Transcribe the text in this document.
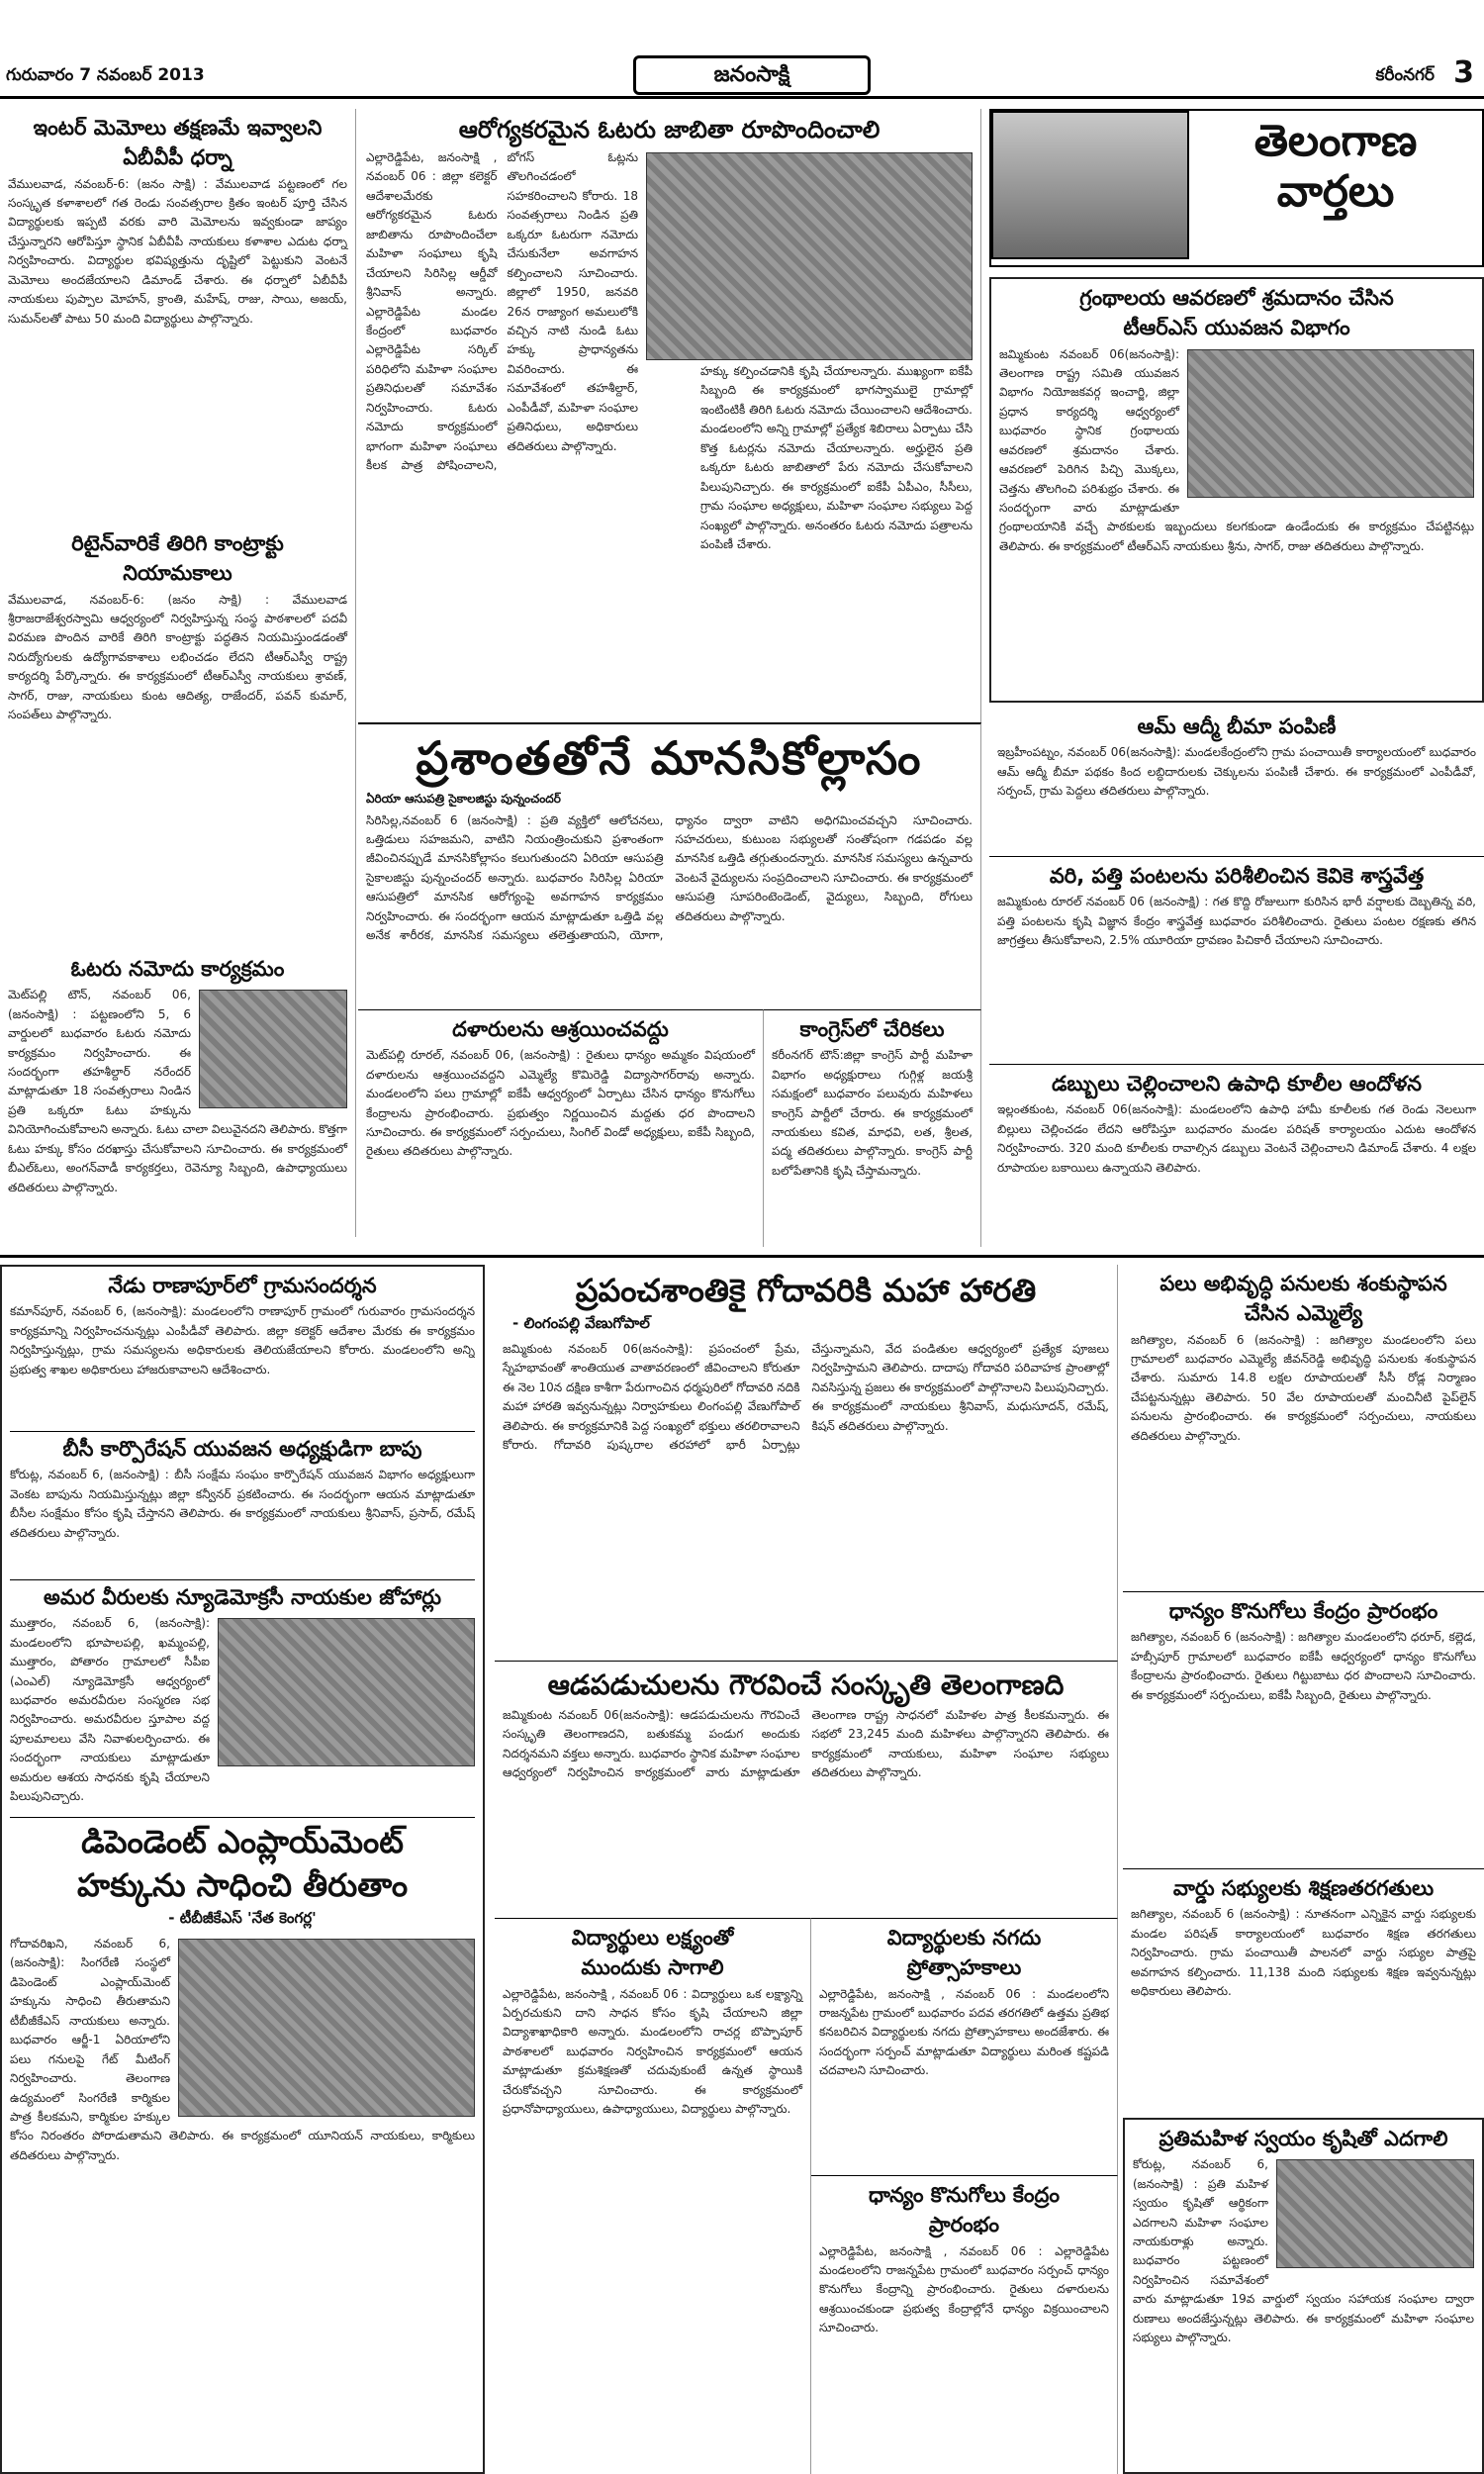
గురువారం 7 నవంబర్ 2013	జనంసాక్షి	కరీంనగర్ 3
ఇంటర్ మెమోలు తక్షణమే ఇవ్వాలని
ఏబీవీపీ ధర్నా
వేములవాడ, నవంబర్-6: (జనం సాక్షి) : వేములవాడ పట్టణంలో గల సంస్కృత కళాశాలలో గత రెండు సంవత్సరాల క్రితం ఇంటర్ పూర్తి చేసిన విద్యార్థులకు ఇప్పటి వరకు వారి మెమోలను ఇవ్వకుండా జాప్యం చేస్తున్నారని ఆరోపిస్తూ స్థానిక ఏబీవీపీ నాయకులు కళాశాల ఎదుట ధర్నా నిర్వహించారు. విద్యార్థుల భవిష్యత్తును దృష్టిలో పెట్టుకుని వెంటనే మెమోలు అందజేయాలని డిమాండ్ చేశారు. ఈ ధర్నాలో ఏబీవీపీ నాయకులు పుప్పాల మోహన్, క్రాంతి, మహేష్, రాజు, సాయి, అజయ్, సుమన్‌లతో పాటు 50 మంది విద్యార్థులు పాల్గొన్నారు.
రిటైన్‌వారికే తిరిగి కాంట్రాక్టు
నియామకాలు
వేములవాడ, నవంబర్-6: (జనం సాక్షి) : వేములవాడ శ్రీరాజరాజేశ్వరస్వామి ఆధ్వర్యంలో నిర్వహిస్తున్న సంస్థ పాఠశాలలో పదవీ విరమణ పొందిన వారికే తిరిగి కాంట్రాక్టు పద్ధతిన నియమిస్తుండడంతో నిరుద్యోగులకు ఉద్యోగావకాశాలు లభించడం లేదని టీఆర్‌ఎస్వీ రాష్ట్ర కార్యదర్శి పేర్కొన్నారు. ఈ కార్యక్రమంలో టీఆర్‌ఎస్వీ నాయకులు శ్రావణ్, సాగర్, రాజు, నాయకులు కుంట ఆదిత్య, రాజేందర్, పవన్ కుమార్, సంపత్‌లు పాల్గొన్నారు.
ఓటరు నమోదు కార్యక్రమం
మెట్‌పల్లి టౌన్, నవంబర్ 06, (జనంసాక్షి) : పట్టణంలోని 5, 6 వార్డులలో బుధవారం ఓటరు నమోదు కార్యక్రమం నిర్వహించారు. ఈ సందర్భంగా తహశీల్దార్ నరేందర్ మాట్లాడుతూ 18 సంవత్సరాలు నిండిన ప్రతి ఒక్కరూ ఓటు హక్కును వినియోగించుకోవాలని అన్నారు. ఓటు చాలా విలువైనదని తెలిపారు. కొత్తగా ఓటు హక్కు కోసం దరఖాస్తు చేసుకోవాలని సూచించారు. ఈ కార్యక్రమంలో బీఎల్‌ఓలు, అంగన్‌వాడీ కార్యకర్తలు, రెవెన్యూ సిబ్బంది, ఉపాధ్యాయులు తదితరులు పాల్గొన్నారు.
ఆరోగ్యకరమైన ఓటరు జాబితా రూపొందించాలి
ఎల్లారెడ్డిపేట, జనంసాక్షి , నవంబర్ 06 : జిల్లా కలెక్టర్ ఆదేశాలమేరకు ఆరోగ్యకరమైన ఓటరు జాబితాను రూపొందించేలా మహిళా సంఘాలు కృషి చేయాలని సిరిసిల్ల ఆర్డీవో శ్రీనివాస్ అన్నారు. ఎల్లారెడ్డిపేట మండల కేంద్రంలో బుధవారం ఎల్లారెడ్డిపేట సర్కిల్ పరిధిలోని మహిళా సంఘాల ప్రతినిధులతో సమావేశం నిర్వహించారు. ఓటరు నమోదు కార్యక్రమంలో భాగంగా మహిళా సంఘాలు కీలక పాత్ర పోషించాలని, బోగస్ ఓట్లను తొలగించడంలో సహకరించాలని కోరారు. 18 సంవత్సరాలు నిండిన ప్రతి ఒక్కరూ ఓటరుగా నమోదు చేసుకునేలా అవగాహన కల్పించాలని సూచించారు. జిల్లాలో 1950, జనవరి 26న రాజ్యాంగ అమలులోకి వచ్చిన నాటి నుండి ఓటు హక్కు ప్రాధాన్యతను వివరించారు. ఈ సమావేశంలో తహశీల్దార్, ఎంపీడీవో, మహిళా సంఘాల ప్రతినిధులు, అధికారులు తదితరులు పాల్గొన్నారు.
హక్కు కల్పించడానికి కృషి చేయాలన్నారు. ముఖ్యంగా ఐకేపీ సిబ్బంది ఈ కార్యక్రమంలో భాగస్వాములై గ్రామాల్లో ఇంటింటికీ తిరిగి ఓటరు నమోదు చేయించాలని ఆదేశించారు. మండలంలోని అన్ని గ్రామాల్లో ప్రత్యేక శిబిరాలు ఏర్పాటు చేసి కొత్త ఓటర్లను నమోదు చేయాలన్నారు. అర్హులైన ప్రతి ఒక్కరూ ఓటరు జాబితాలో పేరు నమోదు చేసుకోవాలని పిలుపునిచ్చారు. ఈ కార్యక్రమంలో ఐకేపీ ఏపీఎం, సీసీలు, గ్రామ సంఘాల అధ్యక్షులు, మహిళా సంఘాల సభ్యులు పెద్ద సంఖ్యలో పాల్గొన్నారు. అనంతరం ఓటరు నమోదు పత్రాలను పంపిణీ చేశారు.
ప్రశాంతతోనే మానసికోల్లాసం
ఏరియా ఆసుపత్రి సైకాలజిస్టు పున్నంచందర్
సిరిసిల్ల,నవంబర్ 6 (జనంసాక్షి) : ప్రతి వ్యక్తిలో ఆలోచనలు, ఒత్తిడులు సహజమని, వాటిని నియంత్రించుకుని ప్రశాంతంగా జీవించినప్పుడే మానసికోల్లాసం కలుగుతుందని ఏరియా ఆసుపత్రి సైకాలజిస్టు పున్నంచందర్ అన్నారు. బుధవారం సిరిసిల్ల ఏరియా ఆసుపత్రిలో మానసిక ఆరోగ్యంపై అవగాహన కార్యక్రమం నిర్వహించారు. ఈ సందర్భంగా ఆయన మాట్లాడుతూ ఒత్తిడి వల్ల అనేక శారీరక, మానసిక సమస్యలు తలెత్తుతాయని, యోగా, ధ్యానం ద్వారా వాటిని అధిగమించవచ్చని సూచించారు. సహచరులు, కుటుంబ సభ్యులతో సంతోషంగా గడపడం వల్ల మానసిక ఒత్తిడి తగ్గుతుందన్నారు. మానసిక సమస్యలు ఉన్నవారు వెంటనే వైద్యులను సంప్రదించాలని సూచించారు. ఈ కార్యక్రమంలో ఆసుపత్రి సూపరింటెండెంట్, వైద్యులు, సిబ్బంది, రోగులు తదితరులు పాల్గొన్నారు.
దళారులను ఆశ్రయించవద్దు
మెట్‌పల్లి రూరల్, నవంబర్ 06, (జనంసాక్షి) : రైతులు ధాన్యం అమ్మకం విషయంలో దళారులను ఆశ్రయించవద్దని ఎమ్మెల్యే కొమిరెడ్డి విద్యాసాగర్‌రావు అన్నారు. మండలంలోని పలు గ్రామాల్లో ఐకేపీ ఆధ్వర్యంలో ఏర్పాటు చేసిన ధాన్యం కొనుగోలు కేంద్రాలను ప్రారంభించారు. ప్రభుత్వం నిర్ణయించిన మద్దతు ధర పొందాలని సూచించారు. ఈ కార్యక్రమంలో సర్పంచులు, సింగిల్ విండో అధ్యక్షులు, ఐకేపీ సిబ్బంది, రైతులు తదితరులు పాల్గొన్నారు.
కాంగ్రెస్‌లో చేరికలు
కరీంనగర్ టౌన్:జిల్లా కాంగ్రెస్ పార్టీ మహిళా విభాగం అధ్యక్షురాలు గుగ్గిళ్ల జయశ్రీ సమక్షంలో బుధవారం పలువురు మహిళలు కాంగ్రెస్ పార్టీలో చేరారు. ఈ కార్యక్రమంలో నాయకులు కవిత, మాధవి, లత, శ్రీలత, పద్మ తదితరులు పాల్గొన్నారు. కాంగ్రెస్ పార్టీ బలోపేతానికి కృషి చేస్తామన్నారు.
తెలంగాణ
వార్తలు
గ్రంథాలయ ఆవరణలో శ్రమదానం చేసిన
టీఆర్‌ఎస్ యువజన విభాగం
జమ్మికుంట నవంబర్ 06(జనంసాక్షి): తెలంగాణ రాష్ట్ర సమితి యువజన విభాగం నియోజకవర్గ ఇంచార్జి, జిల్లా ప్రధాన కార్యదర్శి ఆధ్వర్యంలో బుధవారం స్థానిక గ్రంథాలయ ఆవరణలో శ్రమదానం చేశారు. ఆవరణలో పెరిగిన పిచ్చి మొక్కలు, చెత్తను తొలగించి పరిశుభ్రం చేశారు. ఈ సందర్భంగా వారు మాట్లాడుతూ గ్రంథాలయానికి వచ్చే పాఠకులకు ఇబ్బందులు కలగకుండా ఉండేందుకు ఈ కార్యక్రమం చేపట్టినట్లు తెలిపారు. ఈ కార్యక్రమంలో టీఆర్‌ఎస్ నాయకులు శ్రీను, సాగర్, రాజు తదితరులు పాల్గొన్నారు.
ఆమ్ ఆద్మీ బీమా పంపిణీ
ఇబ్రహీంపట్నం, నవంబర్ 06(జనంసాక్షి): మండలకేంద్రంలోని గ్రామ పంచాయితీ కార్యాలయంలో బుధవారం ఆమ్ ఆద్మీ బీమా పథకం కింద లబ్ధిదారులకు చెక్కులను పంపిణీ చేశారు. ఈ కార్యక్రమంలో ఎంపీడీవో, సర్పంచ్, గ్రామ పెద్దలు తదితరులు పాల్గొన్నారు.
వరి, పత్తి పంటలను పరిశీలించిన కెవికె శాస్త్రవేత్త
జమ్మికుంట రూరల్ నవంబర్ 06 (జనంసాక్షి) : గత కొద్ది రోజులుగా కురిసిన భారీ వర్షాలకు దెబ్బతిన్న వరి, పత్తి పంటలను కృషి విజ్ఞాన కేంద్రం శాస్త్రవేత్త బుధవారం పరిశీలించారు. రైతులు పంటల రక్షణకు తగిన జాగ్రత్తలు తీసుకోవాలని, 2.5% యూరియా ద్రావణం పిచికారీ చేయాలని సూచించారు.
డబ్బులు చెల్లించాలని ఉపాధి కూలీల ఆందోళన
ఇల్లంతకుంట, నవంబర్ 06(జనంసాక్షి): మండలంలోని ఉపాధి హామీ కూలీలకు గత రెండు నెలలుగా బిల్లులు చెల్లించడం లేదని ఆరోపిస్తూ బుధవారం మండల పరిషత్ కార్యాలయం ఎదుట ఆందోళన నిర్వహించారు. 320 మంది కూలీలకు రావాల్సిన డబ్బులు వెంటనే చెల్లించాలని డిమాండ్ చేశారు. 4 లక్షల రూపాయల బకాయిలు ఉన్నాయని తెలిపారు.
నేడు రాణాపూర్‌లో గ్రామసందర్శన
కమాన్‌పూర్, నవంబర్ 6, (జనంసాక్షి): మండలంలోని రాణాపూర్ గ్రామంలో గురువారం గ్రామసందర్శన కార్యక్రమాన్ని నిర్వహించనున్నట్లు ఎంపీడీవో తెలిపారు. జిల్లా కలెక్టర్ ఆదేశాల మేరకు ఈ కార్యక్రమం నిర్వహిస్తున్నట్లు, గ్రామ సమస్యలను అధికారులకు తెలియజేయాలని కోరారు. మండలంలోని అన్ని ప్రభుత్వ శాఖల అధికారులు హాజరుకావాలని ఆదేశించారు.
బీసీ కార్పొరేషన్ యువజన అధ్యక్షుడిగా బాపు
కోరుట్ల, నవంబర్ 6, (జనంసాక్షి) : బీసీ సంక్షేమ సంఘం కార్పొరేషన్ యువజన విభాగం అధ్యక్షులుగా వెంకట బాపును నియమిస్తున్నట్లు జిల్లా కన్వీనర్ ప్రకటించారు. ఈ సందర్భంగా ఆయన మాట్లాడుతూ బీసీల సంక్షేమం కోసం కృషి చేస్తానని తెలిపారు. ఈ కార్యక్రమంలో నాయకులు శ్రీనివాస్, ప్రసాద్, రమేష్ తదితరులు పాల్గొన్నారు.
అమర వీరులకు న్యూడెమోక్రసీ నాయకుల జోహార్లు
ముత్తారం, నవంబర్ 6, (జనంసాక్షి): మండలంలోని భూపాలపల్లి, ఖమ్మంపల్లి, ముత్తారం, పోతారం గ్రామాలలో సీపీఐ (ఎంఎల్) న్యూడెమోక్రసీ ఆధ్వర్యంలో బుధవారం అమరవీరుల సంస్మరణ సభ నిర్వహించారు. అమరవీరుల స్తూపాల వద్ద పూలమాలలు వేసి నివాళులర్పించారు. ఈ సందర్భంగా నాయకులు మాట్లాడుతూ అమరుల ఆశయ సాధనకు కృషి చేయాలని పిలుపునిచ్చారు.
డిపెండెంట్ ఎంప్లాయ్‌మెంట్
హక్కును సాధించి తీరుతాం
- టీబీజీకేఎస్ 'నేత కెంగర్ల'
గోదావరిఖని, నవంబర్ 6, (జనంసాక్షి): సింగరేణి సంస్థలో డిపెండెంట్ ఎంప్లాయ్‌మెంట్ హక్కును సాధించి తీరుతామని టీబీజీకేఎస్ నాయకులు అన్నారు. బుధవారం ఆర్జీ-1 ఏరియాలోని పలు గనులపై గేట్ మీటింగ్ నిర్వహించారు. తెలంగాణ ఉద్యమంలో సింగరేణి కార్మికుల పాత్ర కీలకమని, కార్మికుల హక్కుల కోసం నిరంతరం పోరాడుతామని తెలిపారు. ఈ కార్యక్రమంలో యూనియన్ నాయకులు, కార్మికులు తదితరులు పాల్గొన్నారు.
ప్రపంచశాంతికై గోదావరికి మహా హారతి
- లింగంపల్లి వేణుగోపాల్
జమ్మికుంట నవంబర్ 06(జనంసాక్షి): ప్రపంచంలో ప్రేమ, స్నేహభావంతో శాంతియుత వాతావరణంలో జీవించాలని కోరుతూ ఈ నెల 10న దక్షిణ కాశీగా పేరుగాంచిన ధర్మపురిలో గోదావరి నదికి మహా హారతి ఇవ్వనున్నట్లు నిర్వాహకులు లింగంపల్లి వేణుగోపాల్ తెలిపారు. ఈ కార్యక్రమానికి పెద్ద సంఖ్యలో భక్తులు తరలిరావాలని కోరారు. గోదావరి పుష్కరాల తరహాలో భారీ ఏర్పాట్లు చేస్తున్నామని, వేద పండితుల ఆధ్వర్యంలో ప్రత్యేక పూజలు నిర్వహిస్తామని తెలిపారు. దాదాపు గోదావరి పరివాహక ప్రాంతాల్లో నివసిస్తున్న ప్రజలు ఈ కార్యక్రమంలో పాల్గొనాలని పిలుపునిచ్చారు. ఈ కార్యక్రమంలో నాయకులు శ్రీనివాస్, మధుసూదన్, రమేష్, కిషన్ తదితరులు పాల్గొన్నారు.
ఆడపడుచులను గౌరవించే సంస్కృతి తెలంగాణది
జమ్మికుంట నవంబర్ 06(జనంసాక్షి): ఆడపడుచులను గౌరవించే సంస్కృతి తెలంగాణదని, బతుకమ్మ పండుగ అందుకు నిదర్శనమని వక్తలు అన్నారు. బుధవారం స్థానిక మహిళా సంఘాల ఆధ్వర్యంలో నిర్వహించిన కార్యక్రమంలో వారు మాట్లాడుతూ తెలంగాణ రాష్ట్ర సాధనలో మహిళల పాత్ర కీలకమన్నారు. ఈ సభలో 23,245 మంది మహిళలు పాల్గొన్నారని తెలిపారు. ఈ కార్యక్రమంలో నాయకులు, మహిళా సంఘాల సభ్యులు తదితరులు పాల్గొన్నారు.
విద్యార్థులు లక్ష్యంతో
ముందుకు సాగాలి
ఎల్లారెడ్డిపేట, జనంసాక్షి , నవంబర్ 06 : విద్యార్థులు ఒక లక్ష్యాన్ని ఏర్పరచుకుని దాని సాధన కోసం కృషి చేయాలని జిల్లా విద్యాశాఖాధికారి అన్నారు. మండలంలోని రాచర్ల బొప్పాపూర్ పాఠశాలలో బుధవారం నిర్వహించిన కార్యక్రమంలో ఆయన మాట్లాడుతూ క్రమశిక్షణతో చదువుకుంటే ఉన్నత స్థాయికి చేరుకోవచ్చని సూచించారు. ఈ కార్యక్రమంలో ప్రధానోపాధ్యాయులు, ఉపాధ్యాయులు, విద్యార్థులు పాల్గొన్నారు.
విద్యార్థులకు నగదు
ప్రోత్సాహకాలు
ఎల్లారెడ్డిపేట, జనంసాక్షి , నవంబర్ 06 : మండలంలోని రాజన్నపేట గ్రామంలో బుధవారం పదవ తరగతిలో ఉత్తమ ప్రతిభ కనబరిచిన విద్యార్థులకు నగదు ప్రోత్సాహకాలు అందజేశారు. ఈ సందర్భంగా సర్పంచ్ మాట్లాడుతూ విద్యార్థులు మరింత కష్టపడి చదవాలని సూచించారు.
ధాన్యం కొనుగోలు కేంద్రం
ప్రారంభం
ఎల్లారెడ్డిపేట, జనంసాక్షి , నవంబర్ 06 : ఎల్లారెడ్డిపేట మండలంలోని రాజన్నపేట గ్రామంలో బుధవారం సర్పంచ్ ధాన్యం కొనుగోలు కేంద్రాన్ని ప్రారంభించారు. రైతులు దళారులను ఆశ్రయించకుండా ప్రభుత్వ కేంద్రాల్లోనే ధాన్యం విక్రయించాలని సూచించారు.
పలు అభివృద్ధి పనులకు శంకుస్థాపన
చేసిన ఎమ్మెల్యే
జగిత్యాల, నవంబర్ 6 (జనంసాక్షి) : జగిత్యాల మండలంలోని పలు గ్రామాలలో బుధవారం ఎమ్మెల్యే జీవన్‌రెడ్డి అభివృద్ధి పనులకు శంకుస్థాపన చేశారు. సుమారు 14.8 లక్షల రూపాయలతో సీసీ రోడ్ల నిర్మాణం చేపట్టనున్నట్లు తెలిపారు. 50 వేల రూపాయలతో మంచినీటి పైప్‌లైన్ పనులను ప్రారంభించారు. ఈ కార్యక్రమంలో సర్పంచులు, నాయకులు తదితరులు పాల్గొన్నారు.
ధాన్యం కొనుగోలు కేంద్రం ప్రారంభం
జగిత్యాల, నవంబర్ 6 (జనంసాక్షి) : జగిత్యాల మండలంలోని ధరూర్, కల్లెడ, హబ్సీపూర్ గ్రామాలలో బుధవారం ఐకేపీ ఆధ్వర్యంలో ధాన్యం కొనుగోలు కేంద్రాలను ప్రారంభించారు. రైతులు గిట్టుబాటు ధర పొందాలని సూచించారు. ఈ కార్యక్రమంలో సర్పంచులు, ఐకేపీ సిబ్బంది, రైతులు పాల్గొన్నారు.
వార్డు సభ్యులకు శిక్షణతరగతులు
జగిత్యాల, నవంబర్ 6 (జనంసాక్షి) : నూతనంగా ఎన్నికైన వార్డు సభ్యులకు మండల పరిషత్ కార్యాలయంలో బుధవారం శిక్షణ తరగతులు నిర్వహించారు. గ్రామ పంచాయితీ పాలనలో వార్డు సభ్యుల పాత్రపై అవగాహన కల్పించారు. 11,138 మంది సభ్యులకు శిక్షణ ఇవ్వనున్నట్లు అధికారులు తెలిపారు.
ప్రతిమహిళ స్వయం కృషితో ఎదగాలి
కోరుట్ల, నవంబర్ 6, (జనంసాక్షి) : ప్రతి మహిళ స్వయం కృషితో ఆర్థికంగా ఎదగాలని మహిళా సంఘాల నాయకురాళ్లు అన్నారు. బుధవారం పట్టణంలో నిర్వహించిన సమావేశంలో వారు మాట్లాడుతూ 19వ వార్డులో స్వయం సహాయక సంఘాల ద్వారా రుణాలు అందజేస్తున్నట్లు తెలిపారు. ఈ కార్యక్రమంలో మహిళా సంఘాల సభ్యులు పాల్గొన్నారు.
